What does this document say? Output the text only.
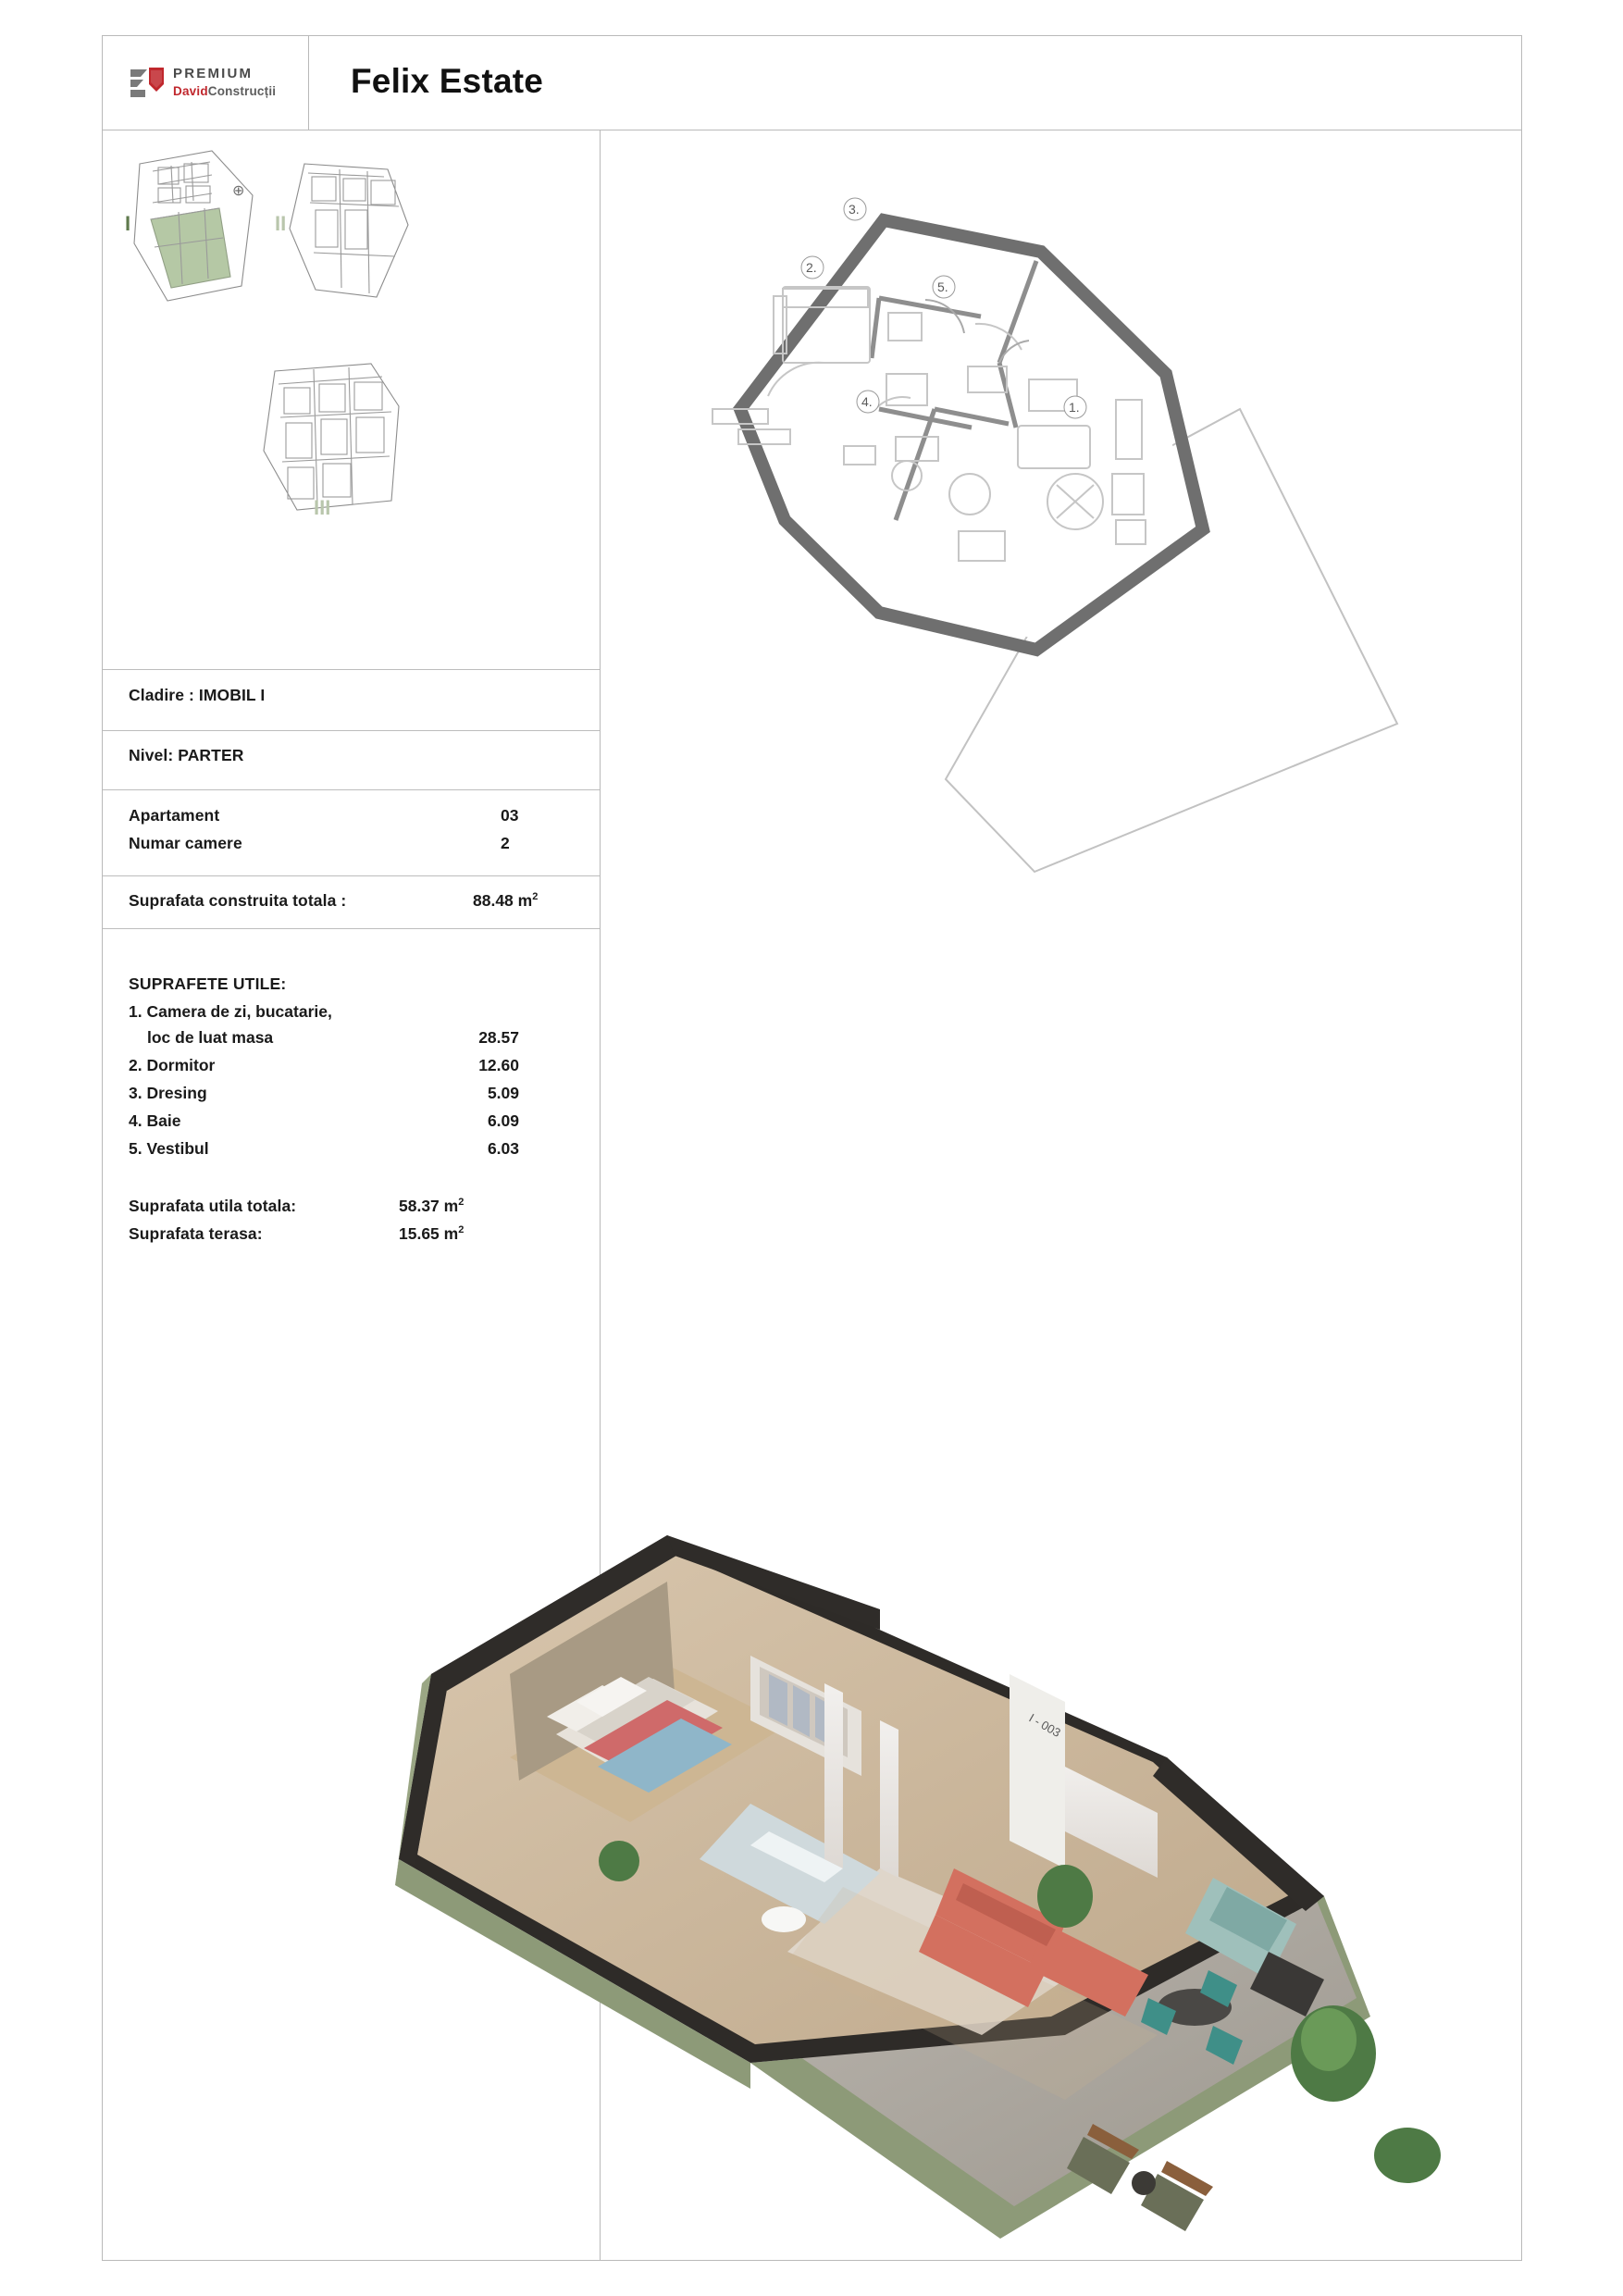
PREMIUM
DavidConstrucții Felix Estate
⊕
I	II
III
Cladire : IMOBIL I
Nivel: PARTER
Apartament	03
Numar camere	2
Suprafata construita totala :	88.48 $m^2$
SUPRAFETE UTILE:
1. Camera de zi, bucatarie,
loc de luat masa	28.57
2. Dormitor	12.60
3. Dresing	5.09
4. Baie	6.09
5. Vestibul	6.03
Suprafata utila totala:	58.37 $m^2$
Suprafata terasa:	15.65 $m^2$
1.
2.
3.
4.
5.
I - 003
